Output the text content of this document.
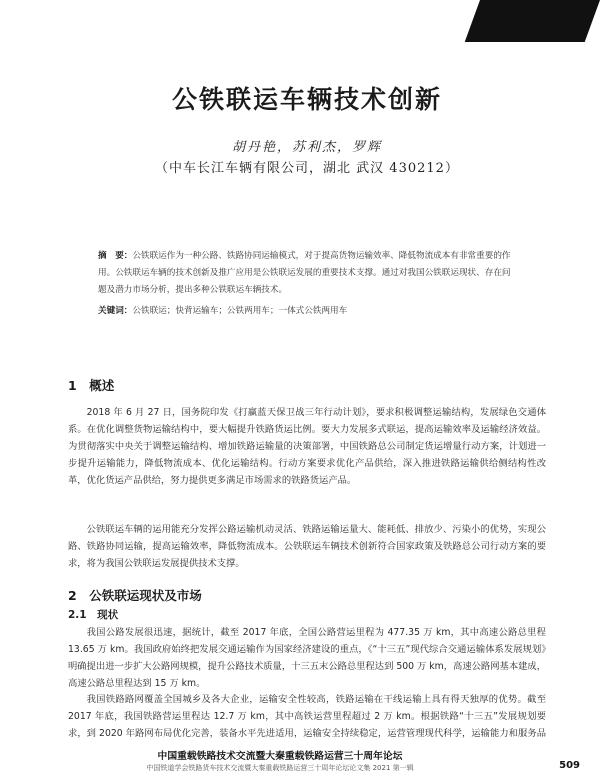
公铁联运车辆技术创新
胡丹艳，苏利杰，罗辉
（中车长江车辆有限公司，湖北 武汉 430212）
摘　要：公铁联运作为一种公路、铁路协同运输模式，对于提高货物运输效率、降低物流成本有非常重要的作用。公铁联运车辆的技术创新及推广应用是公铁联运发展的重要技术支撑。通过对我国公铁联运现状、存在问题及潜力市场分析，提出多种公铁联运车辆技术。
关键词：公铁联运；快背运输车；公铁两用车；一体式公铁两用车
1　概述

2018 年 6 月 27 日，国务院印发《打赢蓝天保卫战三年行动计划》，要求积极调整运输结构，发展绿色交通体系。在优化调整货物运输结构中，要大幅提升铁路货运比例。要大力发展多式联运，提高运输效率及运输经济效益。为贯彻落实中央关于调整运输结构、增加铁路运输量的决策部署，中国铁路总公司制定货运增量行动方案，计划进一步提升运输能力，降低物流成本、优化运输结构。行动方案要求优化产品供给，深入推进铁路运输供给侧结构性改革，优化货运产品供给，努力提供更多满足市场需求的铁路货运产品。

公铁联运车辆的运用能充分发挥公路运输机动灵活、铁路运输运量大、能耗低、排放少、污染小的优势，实现公路、铁路协同运输，提高运输效率，降低物流成本。公铁联运车辆技术创新符合国家政策及铁路总公司行动方案的要求，将为我国公铁联运发展提供技术支撑。

2　公铁联运现状及市场
2.1　现状

我国公路发展很迅速，据统计，截至 2017 年底，全国公路营运里程为 477.35 万 km，其中高速公路总里程 13.65 万 km。我国政府始终把发展交通运输作为国家经济建设的重点，《“十三五”现代综合交通运输体系发展规划》明确提出进一步扩大公路网规模，提升公路技术质量，十三五末公路总里程达到 500 万 km，高速公路网基本建成，高速公路总里程达到 15 万 km。

我国铁路路网覆盖全国城乡及各大企业，运输安全性较高，铁路运输在干线运输上具有得天独厚的优势。截至 2017 年底，我国铁路营运里程达 12.7 万 km，其中高铁运营里程超过 2 万 km。根据铁路“十三五”发展规划要求，到 2020 年路网布局优化完善，装备水平先进适用，运输安全持续稳定，运营管理现代科学，运输能力和服务品

中国重载铁路技术交流暨大秦重载铁路运营三十周年论坛
中国铁道学会铁路货车技术交流暨大秦重载铁路运营三十周年论坛论文集 2021 第一辑	509
